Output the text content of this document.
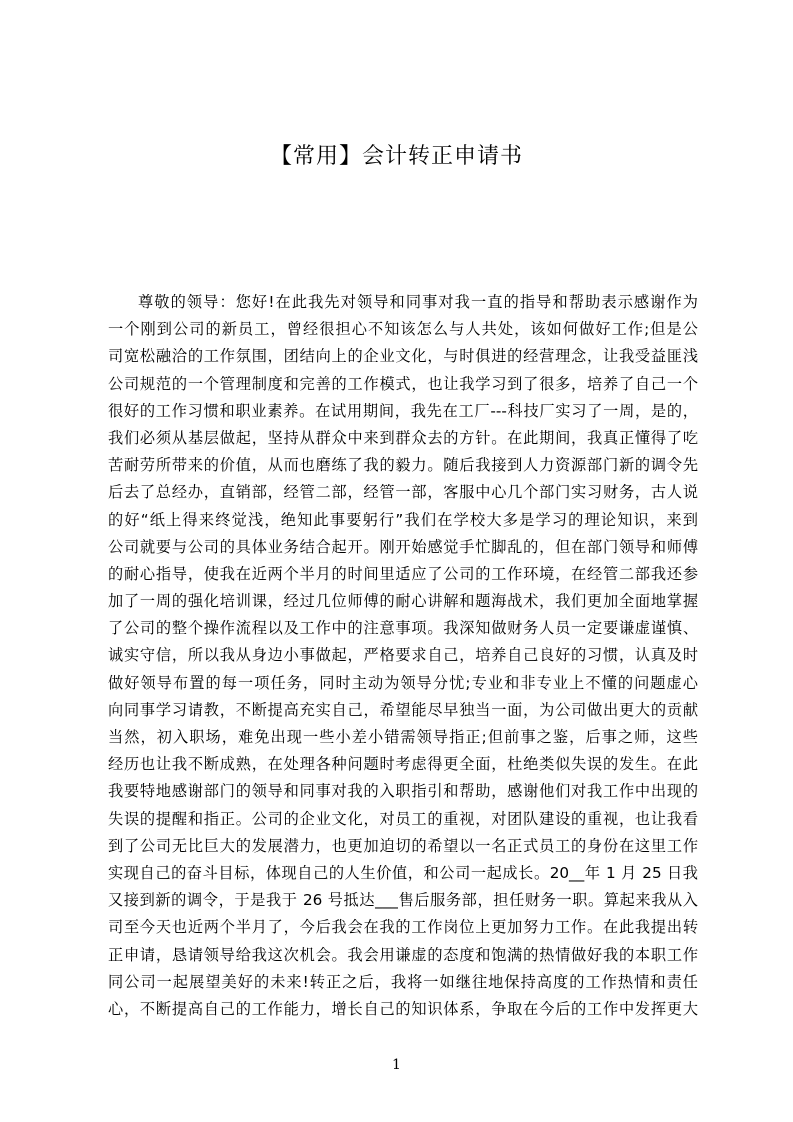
【常用】会计转正申请书
尊敬的领导：您好!在此我先对领导和同事对我一直的指导和帮助表示感谢作为
一个刚到公司的新员工，曾经很担心不知该怎么与人共处，该如何做好工作;但是公
司宽松融洽的工作氛围，团结向上的企业文化，与时俱进的经营理念，让我受益匪浅
公司规范的一个管理制度和完善的工作模式，也让我学习到了很多，培养了自己一个
很好的工作习惯和职业素养。在试用期间，我先在工厂---科技厂实习了一周，是的，
我们必须从基层做起，坚持从群众中来到群众去的方针。在此期间，我真正懂得了吃
苦耐劳所带来的价值，从而也磨练了我的毅力。随后我接到人力资源部门新的调令先
后去了总经办，直销部，经管二部，经管一部，客服中心几个部门实习财务，古人说
的好“纸上得来终觉浅，绝知此事要躬行”我们在学校大多是学习的理论知识，来到
公司就要与公司的具体业务结合起开。刚开始感觉手忙脚乱的，但在部门领导和师傅
的耐心指导，使我在近两个半月的时间里适应了公司的工作环境，在经管二部我还参
加了一周的强化培训课，经过几位师傅的耐心讲解和题海战术，我们更加全面地掌握
了公司的整个操作流程以及工作中的注意事项。我深知做财务人员一定要谦虚谨慎、
诚实守信，所以我从身边小事做起，严格要求自己，培养自己良好的习惯，认真及时
做好领导布置的每一项任务，同时主动为领导分忧;专业和非专业上不懂的问题虚心
向同事学习请教，不断提高充实自己，希望能尽早独当一面，为公司做出更大的贡献
当然，初入职场，难免出现一些小差小错需领导指正;但前事之鉴，后事之师，这些
经历也让我不断成熟，在处理各种问题时考虑得更全面，杜绝类似失误的发生。在此
我要特地感谢部门的领导和同事对我的入职指引和帮助，感谢他们对我工作中出现的
失误的提醒和指正。公司的企业文化，对员工的重视，对团队建设的重视，也让我看
到了公司无比巨大的发展潜力，也更加迫切的希望以一名正式员工的身份在这里工作
实现自己的奋斗目标，体现自己的人生价值，和公司一起成长。20__年 1 月 25 日我
又接到新的调令，于是我于 26 号抵达___售后服务部，担任财务一职。算起来我从入
司至今天也近两个半月了，今后我会在我的工作岗位上更加努力工作。在此我提出转
正申请，恳请领导给我这次机会。我会用谦虚的态度和饱满的热情做好我的本职工作
同公司一起展望美好的未来!转正之后，我将一如继往地保持高度的工作热情和责任
心，不断提高自己的工作能力，增长自己的知识体系，争取在今后的工作中发挥更大
1
